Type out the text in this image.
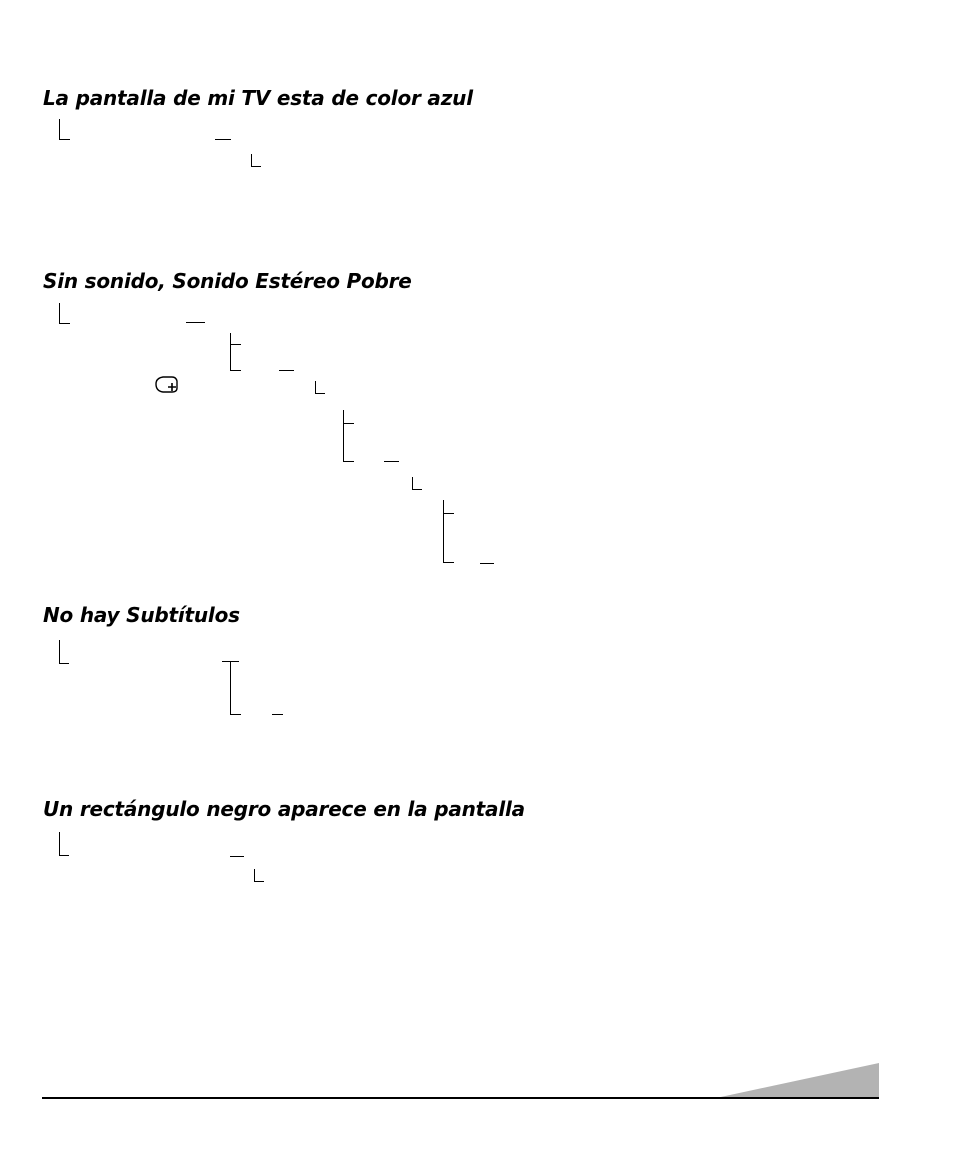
La pantalla de mi TV esta de color azul
Sin sonido, Sonido Estéreo Pobre
No hay Subtítulos
Un rectángulo negro aparece en la pantalla
